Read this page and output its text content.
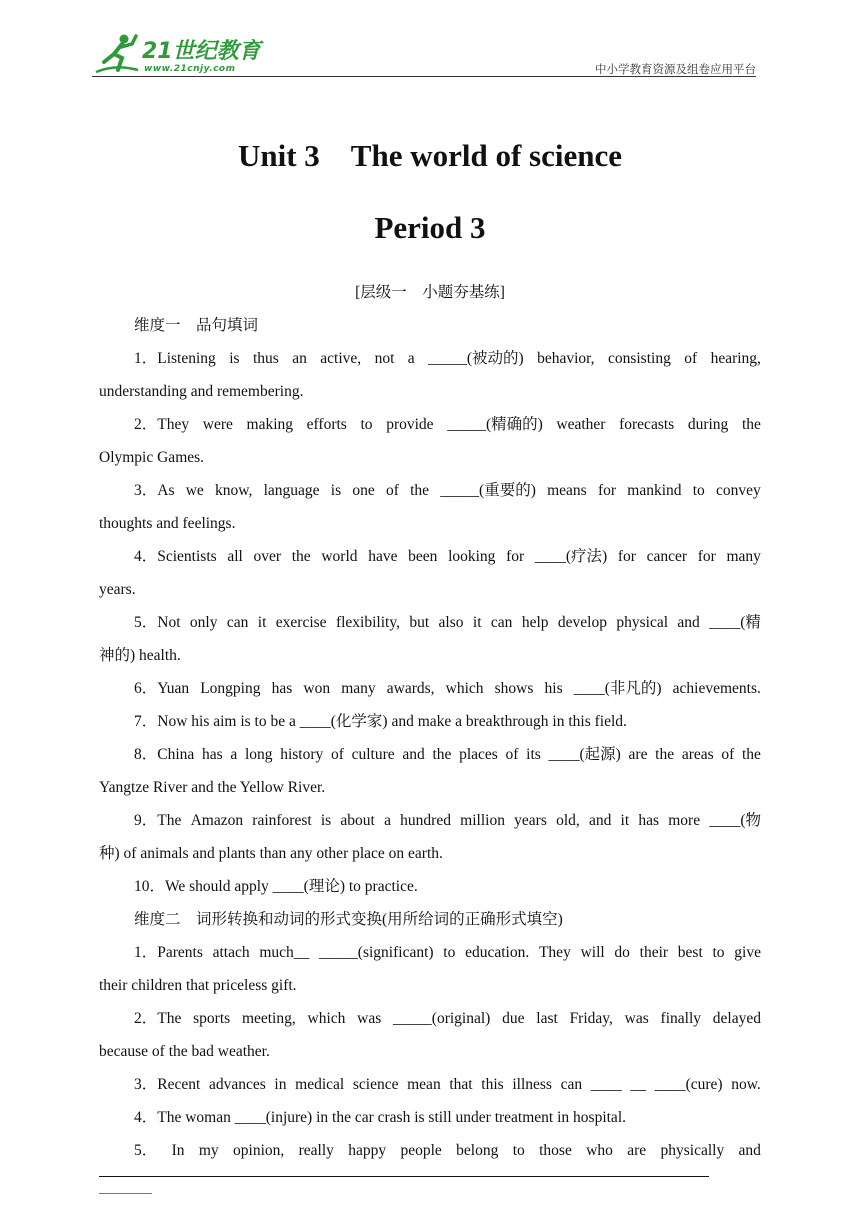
21世纪教育
www.21cnjy.com	中小学教育资源及组卷应用平台
Unit 3　The world of science
Period 3
[层级一　小题夯基练]
维度一　品句填词
1．Listening is thus an active, not a _____(被动的) behavior, consisting of hearing,
understanding and remembering.
2．They were making efforts to provide _____(精确的) weather forecasts during the
Olympic Games.
3．As we know, language is one of the _____(重要的) means for mankind to convey
thoughts and feelings.
4．Scientists all over the world have been looking for ____(疗法) for cancer for many
years.
5．Not only can it exercise flexibility, but also it can help develop physical and ____(精
神的) health.
6．Yuan Longping has won many awards, which shows his ____(非凡的) achievements.
7．Now his aim is to be a ____(化学家) and make a breakthrough in this field.
8．China has a long history of culture and the places of its ____(起源) are the areas of the
Yangtze River and the Yellow River.
9．The Amazon rainforest is about a hundred million years old, and it has more ____(物
种) of animals and plants than any other place on earth.
10．We should apply ____(理论) to practice.
维度二　词形转换和动词的形式变换(用所给词的正确形式填空)
1．Parents attach much__ _____(significant) to education. They will do their best to give
their children that priceless gift.
2．The sports meeting, which was _____(original) due last Friday, was finally delayed
because of the bad weather.
3．Recent advances in medical science mean that this illness can ____ __ ____(cure) now.
4．The woman ____(injure) in the car crash is still under treatment in hospital.
5． In my opinion, really happy people belong to those who are physically and
